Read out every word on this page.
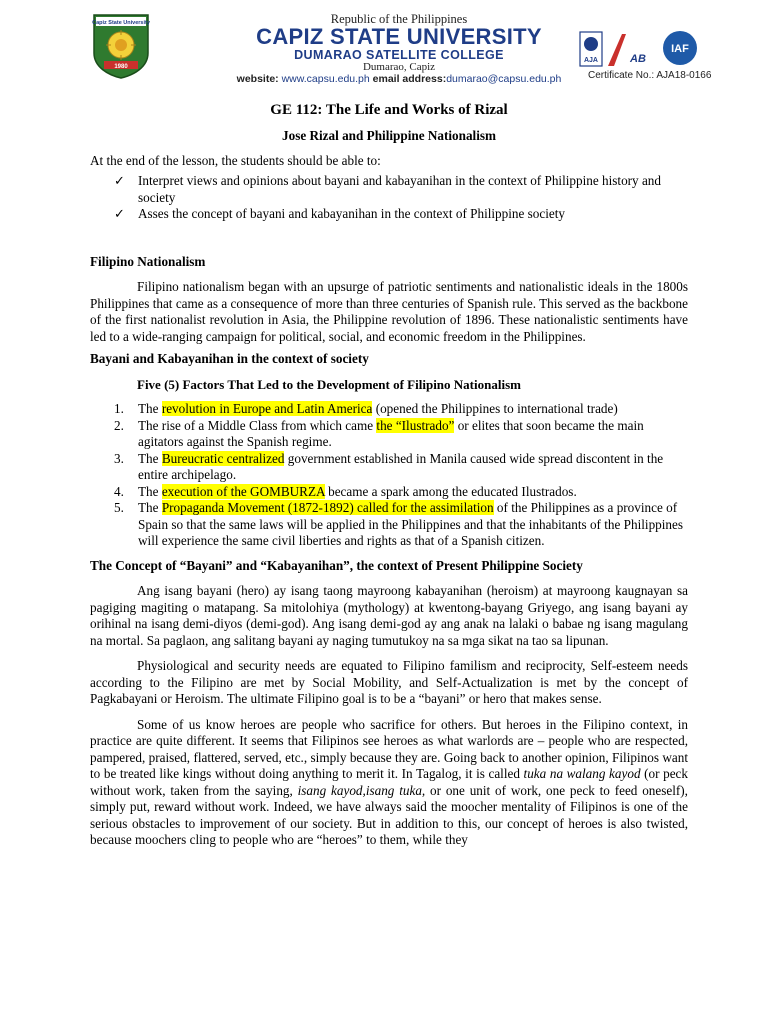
Capiz State University
1980
Republic of the Philippines
CAPIZ STATE UNIVERSITY
DUMARAO SATELLITE COLLEGE
Dumarao, Capiz
website: www.capsu.edu.ph email address:dumarao@capsu.edu.ph
AJA	AB
IAF
Certificate No.: AJA18-0166
GE 112: The Life and Works of Rizal
Jose Rizal and Philippine Nationalism

At the end of the lesson, the students should be able to:

✓ Interpret views and opinions about bayani and kabayanihan in the context of Philippine history and society
✓ Asses the concept of bayani and kabayanihan in the context of Philippine society

Filipino Nationalism

Filipino nationalism began with an upsurge of patriotic sentiments and nationalistic ideals in the 1800s Philippines that came as a consequence of more than three centuries of Spanish rule. This served as the backbone of the first nationalist revolution in Asia, the Philippine revolution of 1896. These nationalistic sentiments have led to a wide-ranging campaign for political, social, and economic freedom in the Philippines.

Bayani and Kabayanihan in the context of society

Five (5) Factors That Led to the Development of Filipino Nationalism

1. The revolution in Europe and Latin America (opened the Philippines to international trade)
2. The rise of a Middle Class from which came the “Ilustrado” or elites that soon became the main agitators against the Spanish regime.
3. The Bureucratic centralized government established in Manila caused wide spread discontent in the entire archipelago.
4. The execution of the GOMBURZA became a spark among the educated Ilustrados.
5. The Propaganda Movement (1872-1892) called for the assimilation of the Philippines as a province of Spain so that the same laws will be applied in the Philippines and that the inhabitants of the Philippines will experience the same civil liberties and rights as that of a Spanish citizen.

The Concept of “Bayani” and “Kabayanihan”, the context of Present Philippine Society

Ang isang bayani (hero) ay isang taong mayroong kabayanihan (heroism) at mayroong kaugnayan sa pagiging magiting o matapang. Sa mitolohiya (mythology) at kwentong-bayang Griyego, ang isang bayani ay orihinal na isang demi-diyos (demi-god). Ang isang demi-god ay ang anak na lalaki o babae ng isang magulang na mortal. Sa paglaon, ang salitang bayani ay naging tumutukoy na sa mga sikat na tao sa lipunan.

Physiological and security needs are equated to Filipino familism and reciprocity, Self-esteem needs according to the Filipino are met by Social Mobility, and Self-Actualization is met by the concept of Pagkabayani or Heroism. The ultimate Filipino goal is to be a “bayani” or hero that makes sense.

Some of us know heroes are people who sacrifice for others. But heroes in the Filipino context, in practice are quite different. It seems that Filipinos see heroes as what warlords are – people who are respected, pampered, praised, flattered, served, etc., simply because they are. Going back to another opinion, Filipinos want to be treated like kings without doing anything to merit it. In Tagalog, it is called tuka na walang kayod (or peck without work, taken from the saying, isang kayod,isang tuka, or one unit of work, one peck to feed oneself), simply put, reward without work. Indeed, we have always said the moocher mentality of Filipinos is one of the serious obstacles to improvement of our society. But in addition to this, our concept of heroes is also twisted, because moochers cling to people who are “heroes” to them, while they
